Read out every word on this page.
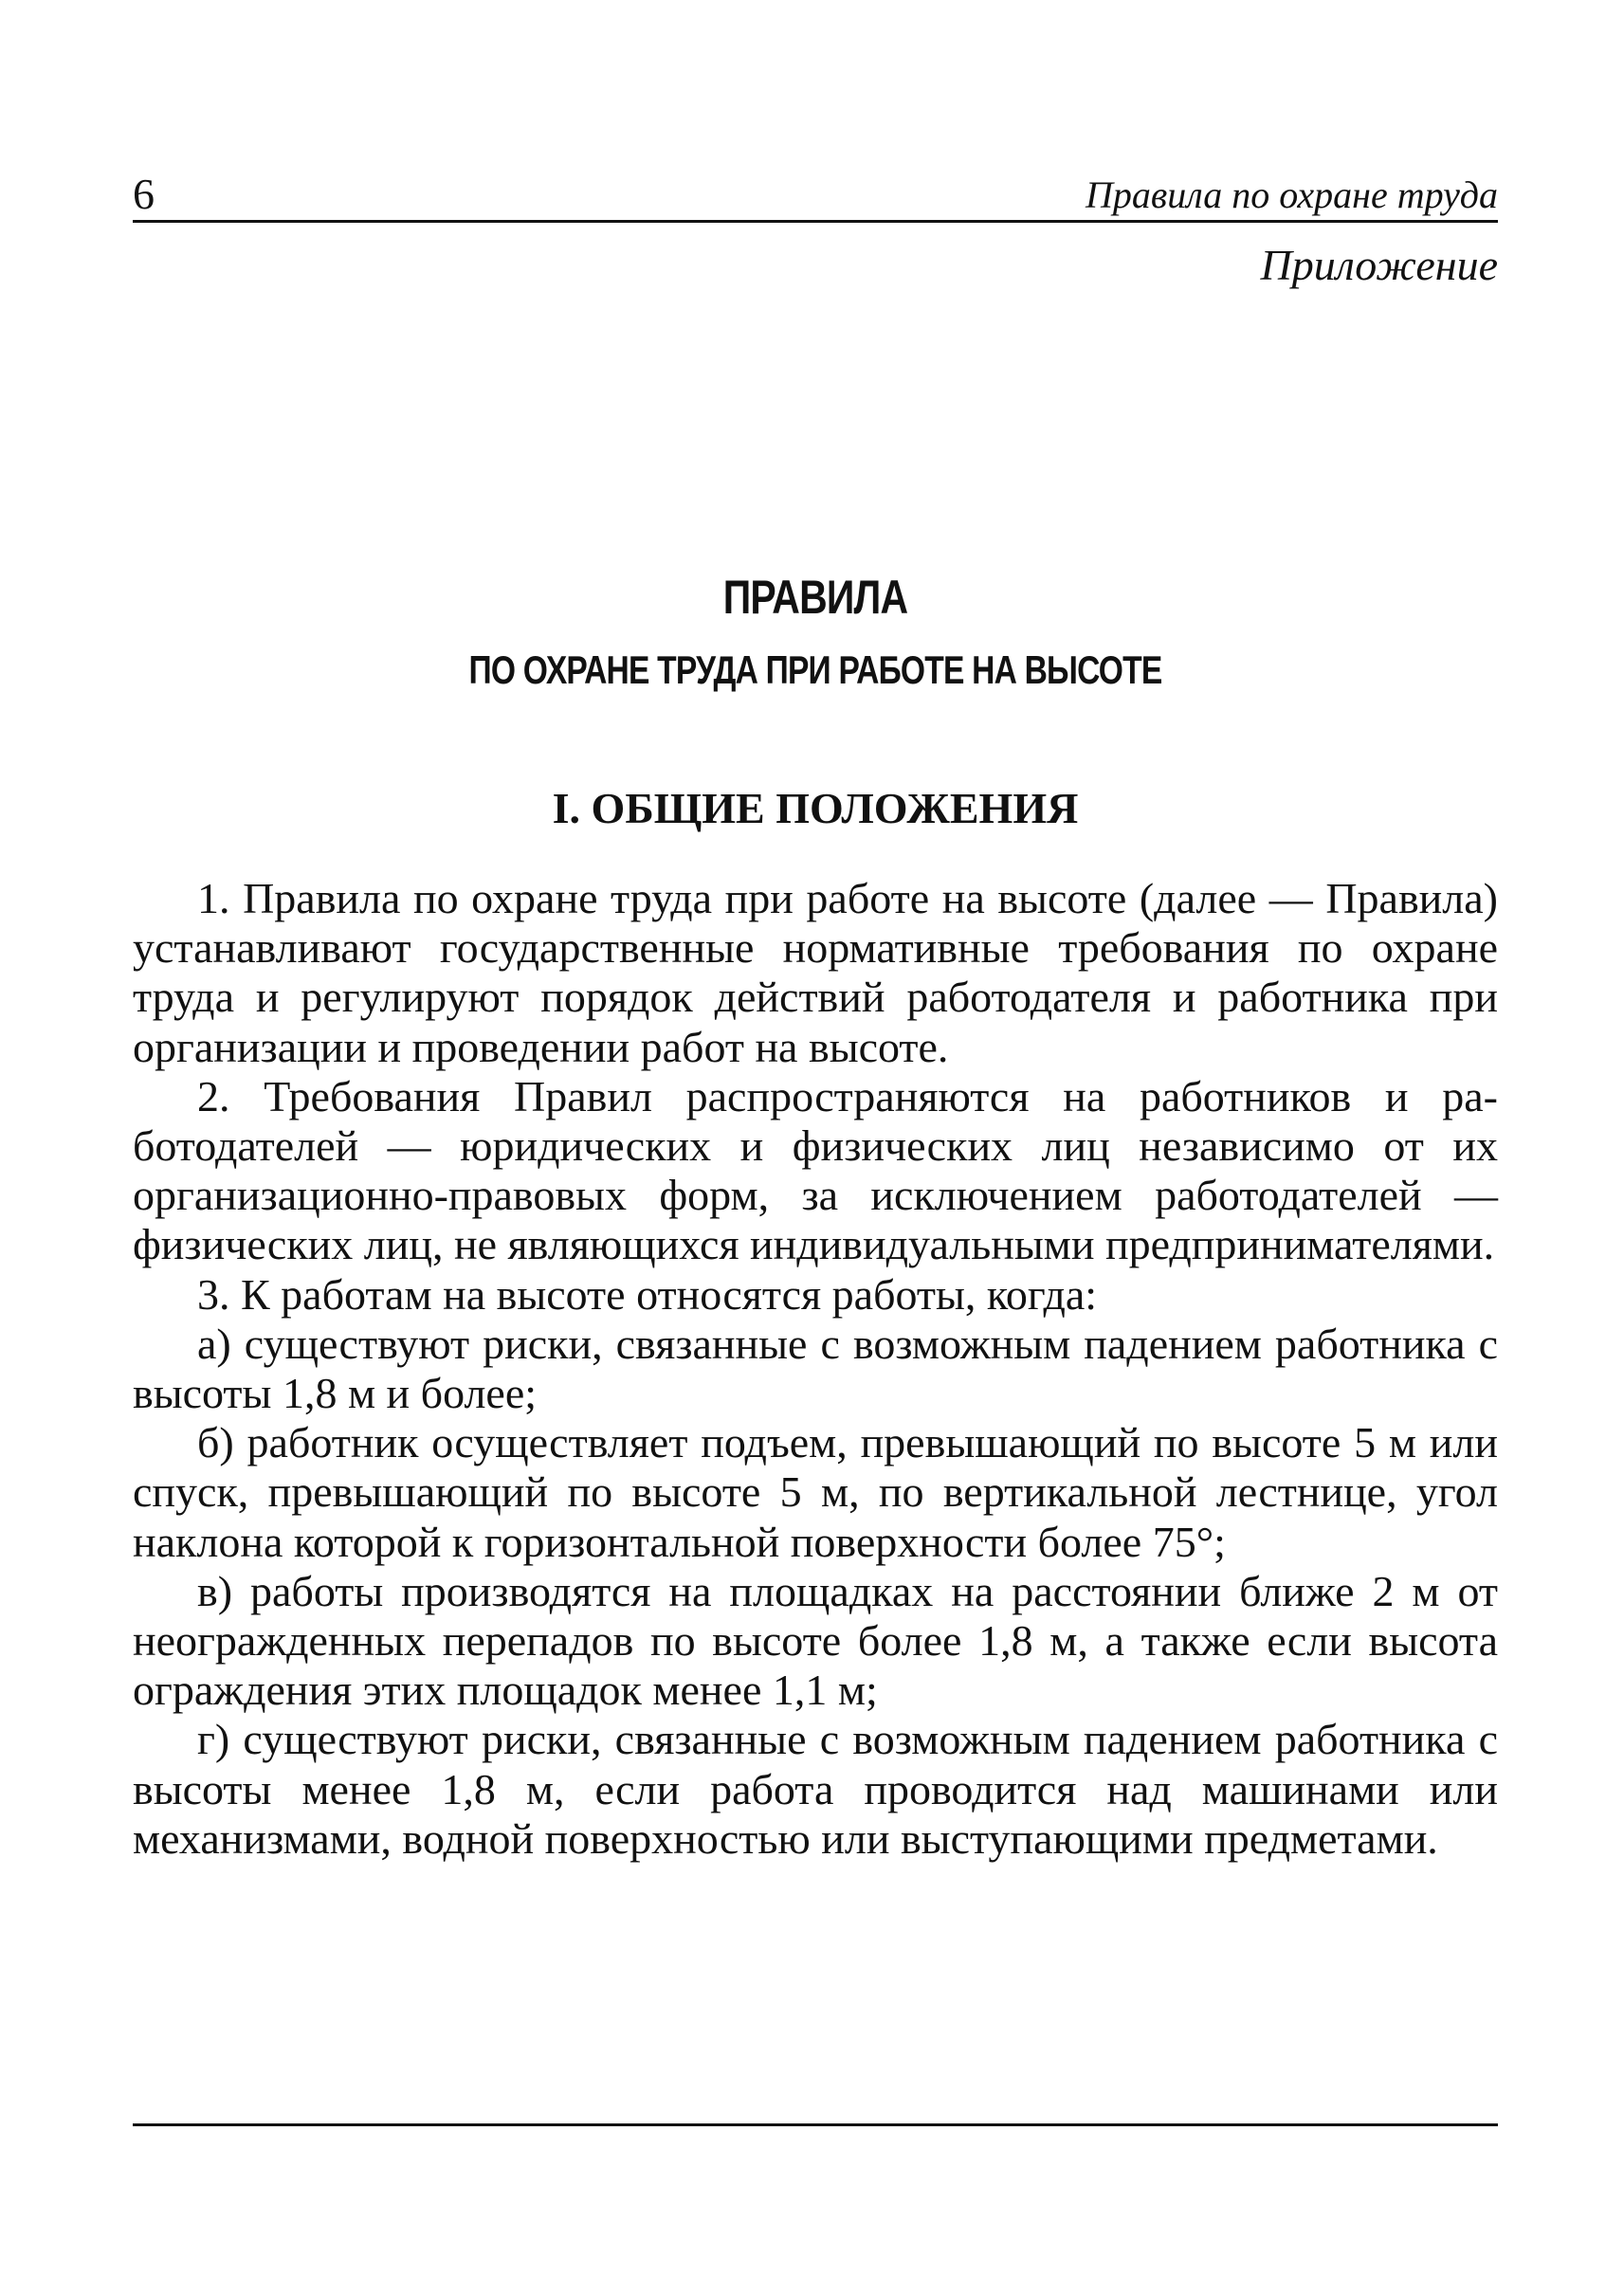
6	Правила по охране труда
Приложение
ПРАВИЛА
ПО ОХРАНЕ ТРУДА ПРИ РАБОТЕ НА ВЫСОТЕ
I. ОБЩИЕ ПОЛОЖЕНИЯ

1. Правила по охране труда при работе на высоте (далее — Правила) устанавливают государственные нормативные требования по охране труда и регулируют порядок действий работодателя и работника при организации и проведении работ на высоте.

2. Требования Правил распространяются на работников и работодателей — юридических и физических лиц независимо от их организационно-правовых форм, за исключением работодателей — физических лиц, не являющихся индивидуальными предпринимателями.

3. К работам на высоте относятся работы, когда:

а) существуют риски, связанные с возможным падением работника с высоты 1,8 м и более;

б) работник осуществляет подъем, превышающий по высоте 5 м или спуск, превышающий по высоте 5 м, по вертикальной лестнице, угол наклона которой к горизонтальной поверхности более 75°;

в) работы производятся на площадках на расстоянии ближе 2 м от неогражденных перепадов по высоте более 1,8 м, а также если высота ограждения этих площадок менее 1,1 м;

г) существуют риски, связанные с возможным падением работника с высоты менее 1,8 м, если работа проводится над машинами или механизмами, водной поверхностью или выступающими предметами.
